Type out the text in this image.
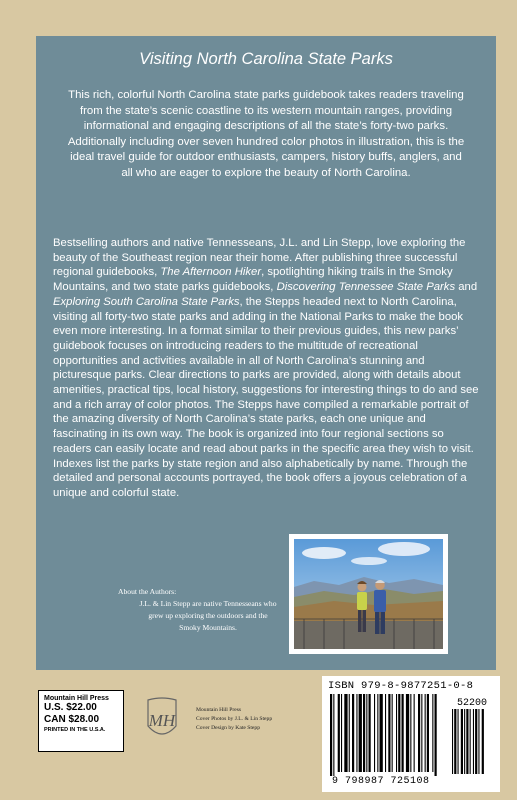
Visiting North Carolina State Parks

This rich, colorful North Carolina state parks guidebook takes readers traveling from the state’s scenic coastline to its western mountain ranges, providing informational and engaging descriptions of all the state’s forty-two parks. Additionally including over seven hundred color photos in illustration, this is the ideal travel guide for outdoor enthusiasts, campers, history buffs, anglers, and all who are eager to explore the beauty of North Carolina.

Bestselling authors and native Tennesseans, J.L. and Lin Stepp, love exploring the beauty of the Southeast region near their home. After publishing three successful regional guidebooks, The Afternoon Hiker, spotlighting hiking trails in the Smoky Mountains, and two state parks guidebooks, Discovering Tennessee State Parks and Exploring South Carolina State Parks, the Stepps headed next to North Carolina, visiting all forty-two state parks and adding in the National Parks to make the book even more interesting. In a format similar to their previous guides, this new parks’ guidebook focuses on introducing readers to the multitude of recreational opportunities and activities available in all of North Carolina’s stunning and picturesque parks. Clear directions to parks are provided, along with details about amenities, practical tips, local history, suggestions for interesting things to do and see and a rich array of color photos. The Stepps have compiled a remarkable portrait of the amazing diversity of North Carolina’s state parks, each one unique and fascinating in its own way. The book is organized into four regional sections so readers can easily locate and read about parks in the specific area they wish to visit. Indexes list the parks by state region and also alphabetically by name. Through the detailed and personal accounts portrayed, the book offers a joyous celebration of a unique and colorful state.

About the Authors:
J.L. & Lin Stepp are native Tennesseans who
grew up exploring the outdoors and the
Smoky Mountains.
Mountain Hill Press
U.S. $22.00
CAN $28.00
PRINTED IN THE U.S.A.	MH
Mountain Hill Press
Cover Photos by J.L. & Lin Stepp
Cover Design by Kate Stepp
ISBN 979-8-9877251-0-8
52200
9 798987 725108
